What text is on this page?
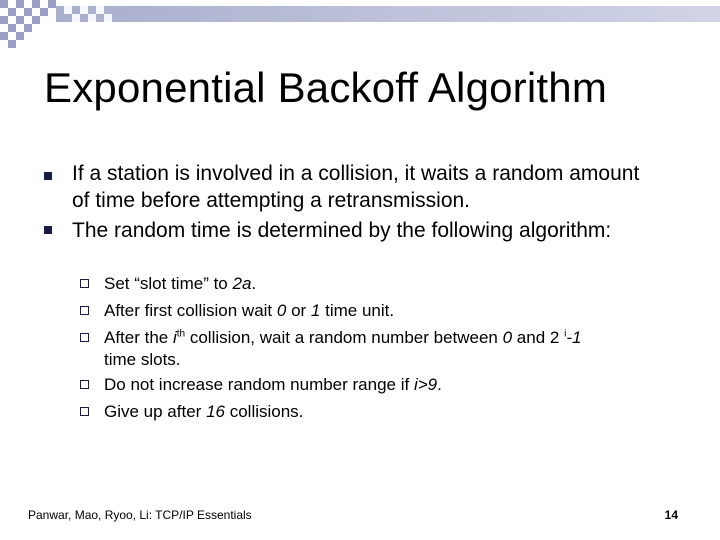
Exponential Backoff Algorithm

If a station is involved in a collision, it waits a random amount of time before attempting a retransmission.

The random time is determined by the following algorithm:

Set “slot time” to 2a.

After first collision wait 0 or 1 time unit.

After the $i^{th}$ collision, wait a random number between 0 and 2 $^i$-1
time slots.

Do not increase random number range if i>9.

Give up after 16 collisions.

Panwar, Mao, Ryoo, Li: TCP/IP Essentials	14
